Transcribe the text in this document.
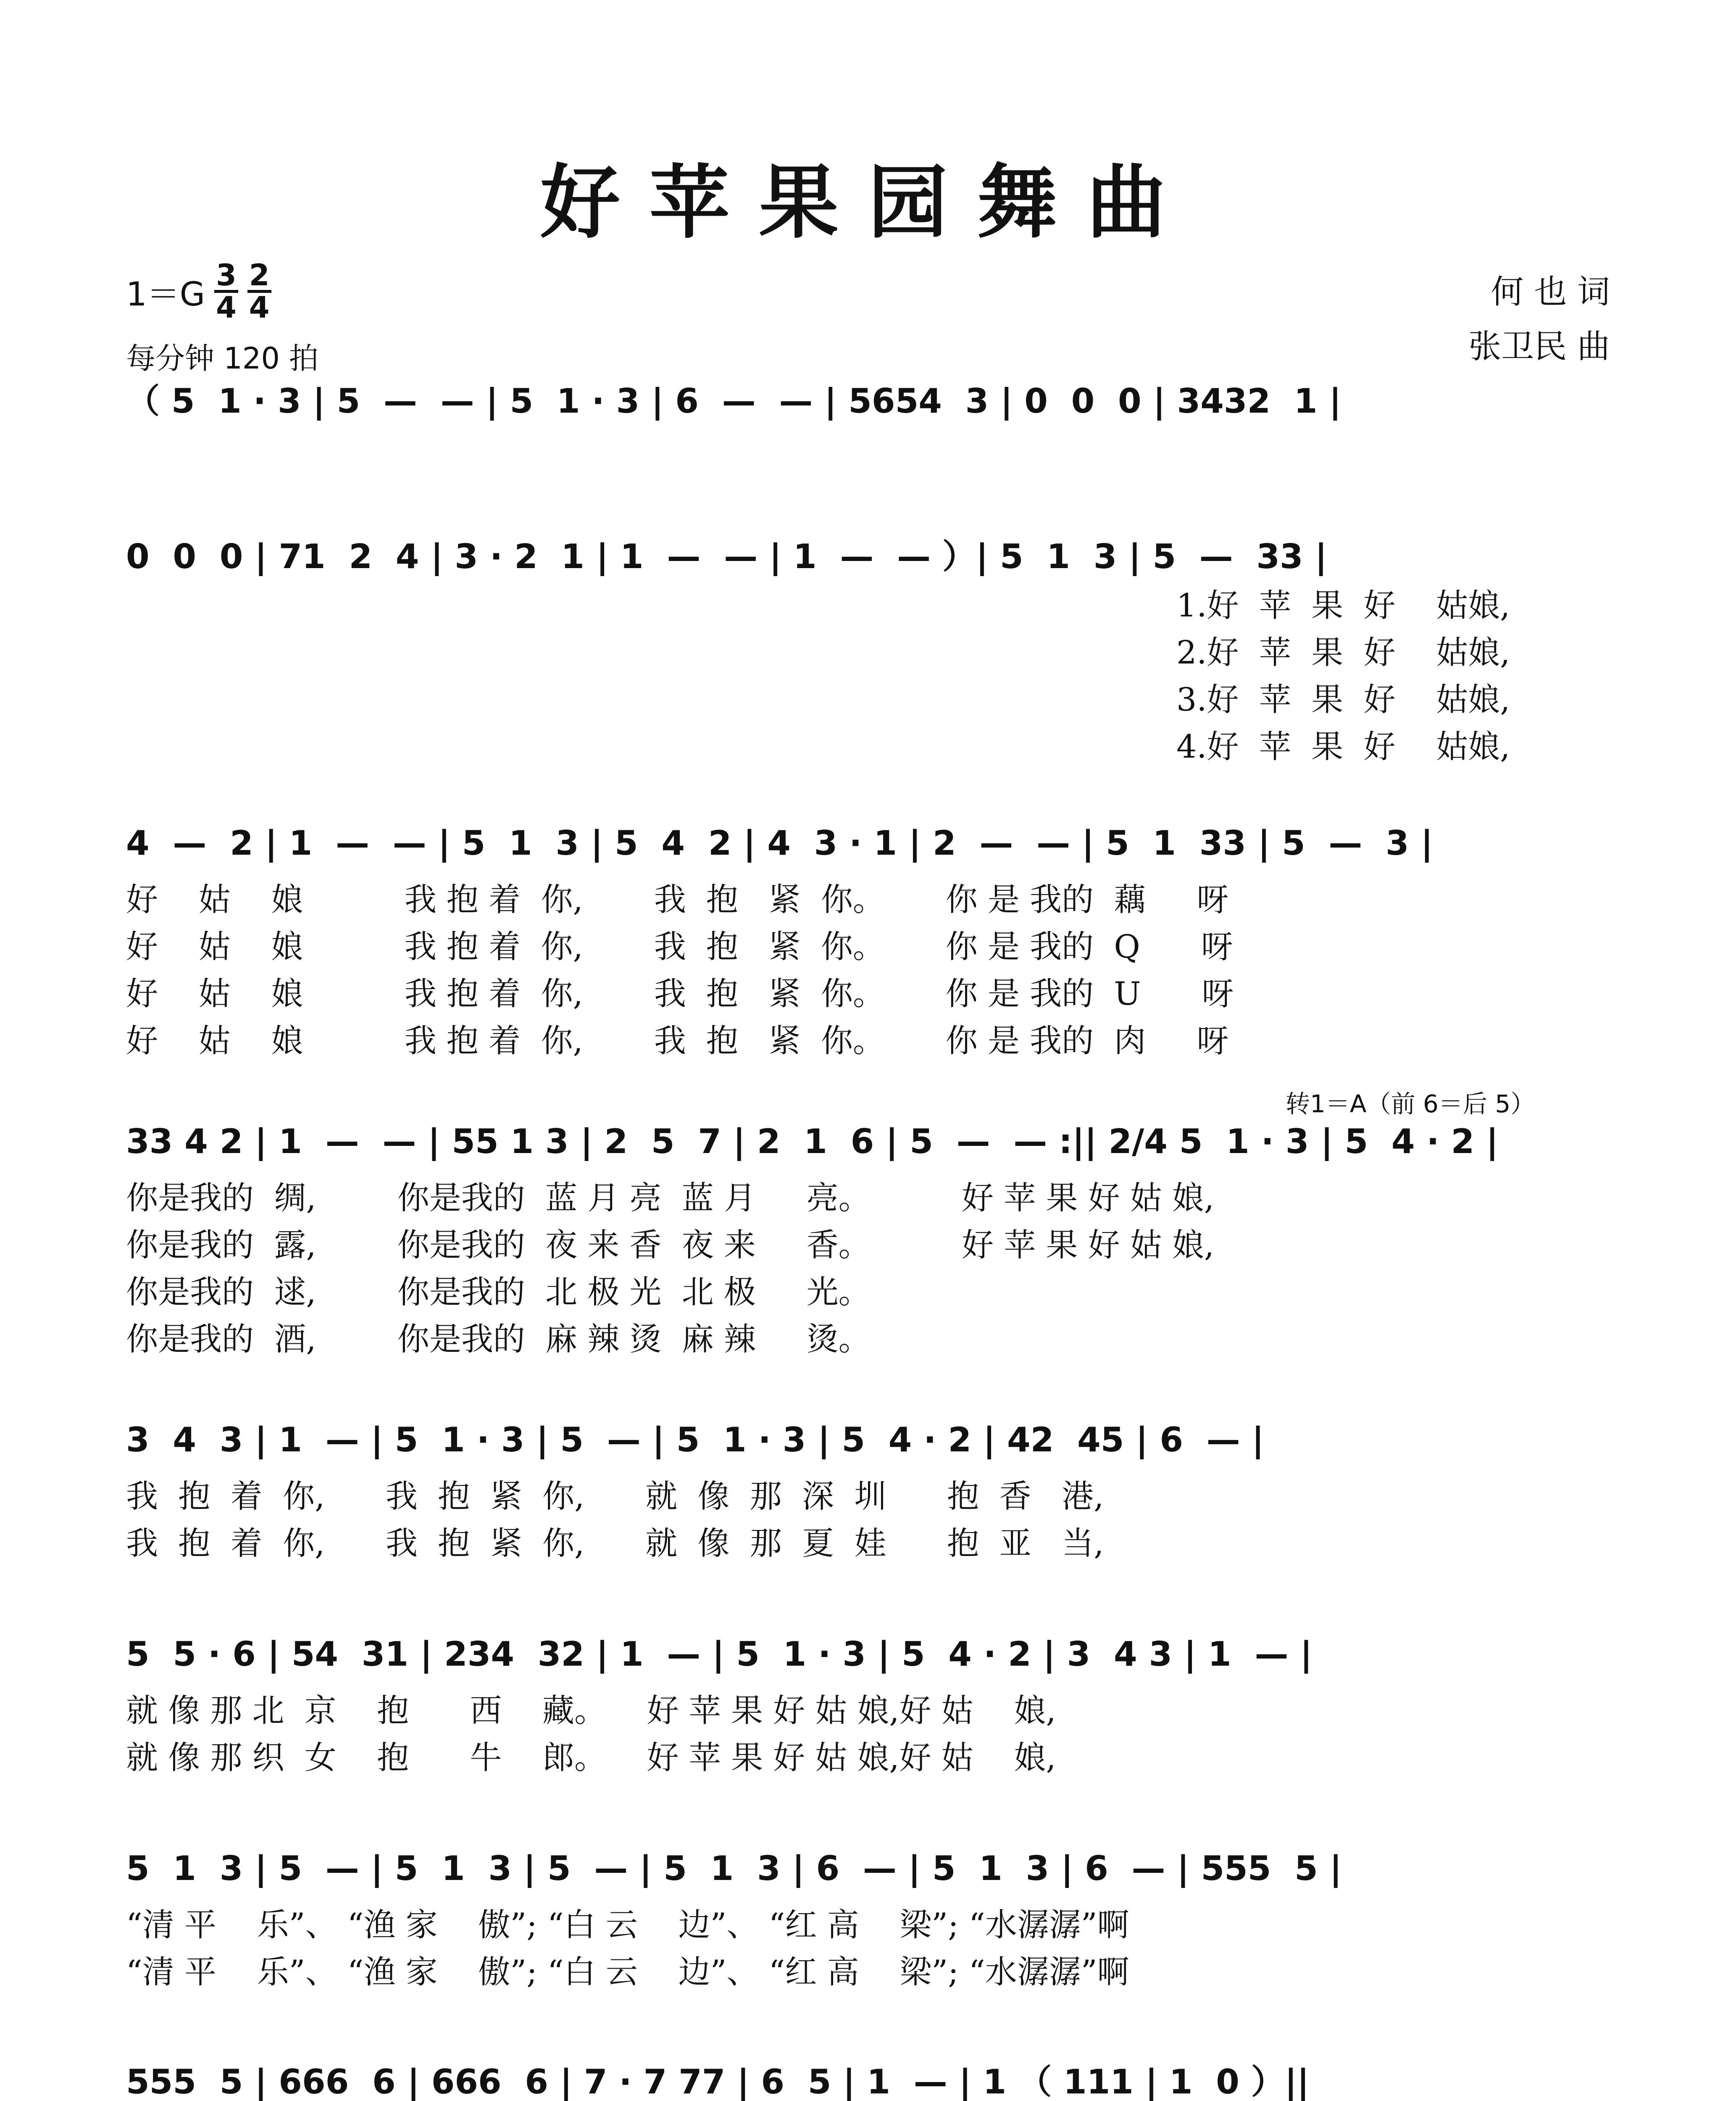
好苹果园舞曲
$1=G \frac{3}{4} \frac{2}{4}$
每分钟 120 拍
何 也 词
张卫民 曲
转1＝A（前 6＝后 5）
（ 5  1 · 3 | 5  —  — | 5  1 · 3 | 6  —  — | 5654  3 | 0  0  0 | 3432  1 |
0  0  0 | 71  2  4 | 3 · 2  1 | 1  —  — | 1  —  — ）| 5  1  3 | 5  —  33 |
1.好  苹  果  好    姑娘,
2.好  苹  果  好    姑娘,
3.好  苹  果  好    姑娘,
4.好  苹  果  好    姑娘,
4  —  2 | 1  —  — | 5  1  3 | 5  4  2 | 4  3 · 1 | 2  —  — | 5  1  33 | 5  —  3 |
好    姑    娘          我 抱 着  你,       我  抱   紧  你。      你 是 我的  藕     呀
好    姑    娘          我 抱 着  你,       我  抱   紧  你。      你 是 我的  Q      呀
好    姑    娘          我 抱 着  你,       我  抱   紧  你。      你 是 我的  U      呀
好    姑    娘          我 抱 着  你,       我  抱   紧  你。      你 是 我的  肉     呀
33 4 2 | 1  —  — | 55 1 3 | 2  5  7 | 2  1  6 | 5  —  — :|| 2/4 5  1 · 3 | 5  4 · 2 |
你是我的  绸,        你是我的  蓝 月 亮  蓝 月     亮。         好 苹 果 好 姑 娘,
你是我的  露,        你是我的  夜 来 香  夜 来     香。         好 苹 果 好 姑 娘,
你是我的  逑,        你是我的  北 极 光  北 极     光。
你是我的  酒,        你是我的  麻 辣 烫  麻 辣     烫。
3  4  3 | 1  — | 5  1 · 3 | 5  — | 5  1 · 3 | 5  4 · 2 | 42  45 | 6  — |
我  抱  着  你,      我  抱  紧  你,      就  像  那  深  圳      抱  香   港,
我  抱  着  你,      我  抱  紧  你,      就  像  那  夏  娃      抱  亚   当,
5  5 · 6 | 54  31 | 234  32 | 1  — | 5  1 · 3 | 5  4 · 2 | 3  4 3 | 1  — |
就 像 那 北  京    抱      西    藏。    好 苹 果 好 姑 娘,好 姑    娘,
就 像 那 织  女    抱      牛    郎。    好 苹 果 好 姑 娘,好 姑    娘,
5  1  3 | 5  — | 5  1  3 | 5  — | 5  1  3 | 6  — | 5  1  3 | 6  — | 555  5 |
“清 平    乐”、 “渔 家    傲”; “白 云    边”、 “红 高    梁”; “水潺潺”啊
“清 平    乐”、 “渔 家    傲”; “白 云    边”、 “红 高    梁”; “水潺潺”啊
555  5 | 666  6 | 666  6 | 7 · 7 77 | 6  5 | 1  — | 1 （ 111 | 1  0 ）||
